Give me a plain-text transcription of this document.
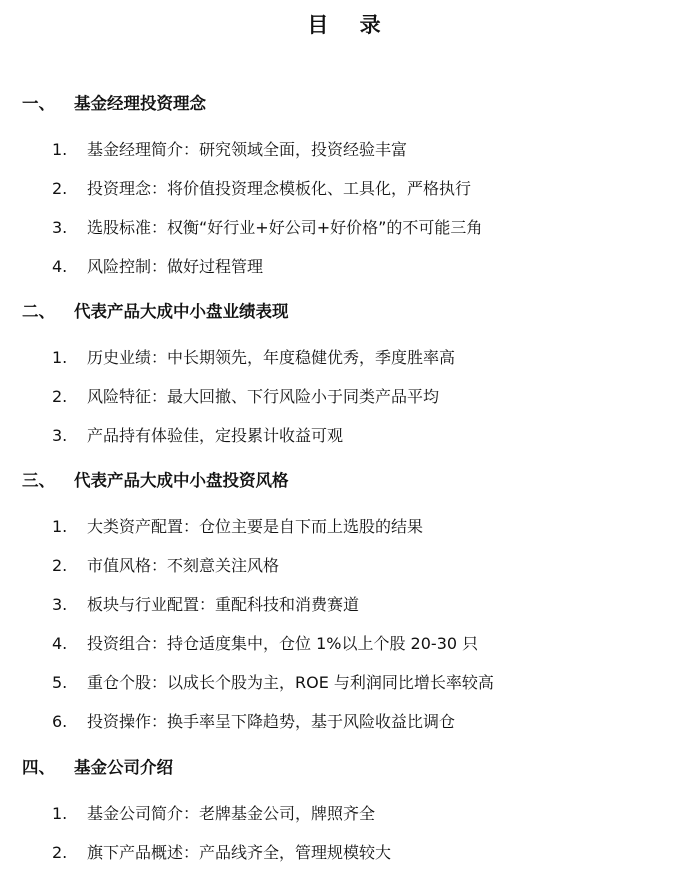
目 录
一、 基金经理投资理念
1. 基金经理简介：研究领域全面，投资经验丰富
2. 投资理念：将价值投资理念模板化、工具化，严格执行
3. 选股标准：权衡“好行业+好公司+好价格”的不可能三角
4. 风险控制：做好过程管理
二、 代表产品大成中小盘业绩表现
1. 历史业绩：中长期领先，年度稳健优秀，季度胜率高
2. 风险特征：最大回撤、下行风险小于同类产品平均
3. 产品持有体验佳，定投累计收益可观
三、 代表产品大成中小盘投资风格
1. 大类资产配置：仓位主要是自下而上选股的结果
2. 市值风格：不刻意关注风格
3. 板块与行业配置：重配科技和消费赛道
4. 投资组合：持仓适度集中，仓位 1%以上个股 20-30 只
5. 重仓个股：以成长个股为主，ROE 与利润同比增长率较高
6. 投资操作：换手率呈下降趋势，基于风险收益比调仓
四、 基金公司介绍
1. 基金公司简介：老牌基金公司，牌照齐全
2. 旗下产品概述：产品线齐全，管理规模较大
